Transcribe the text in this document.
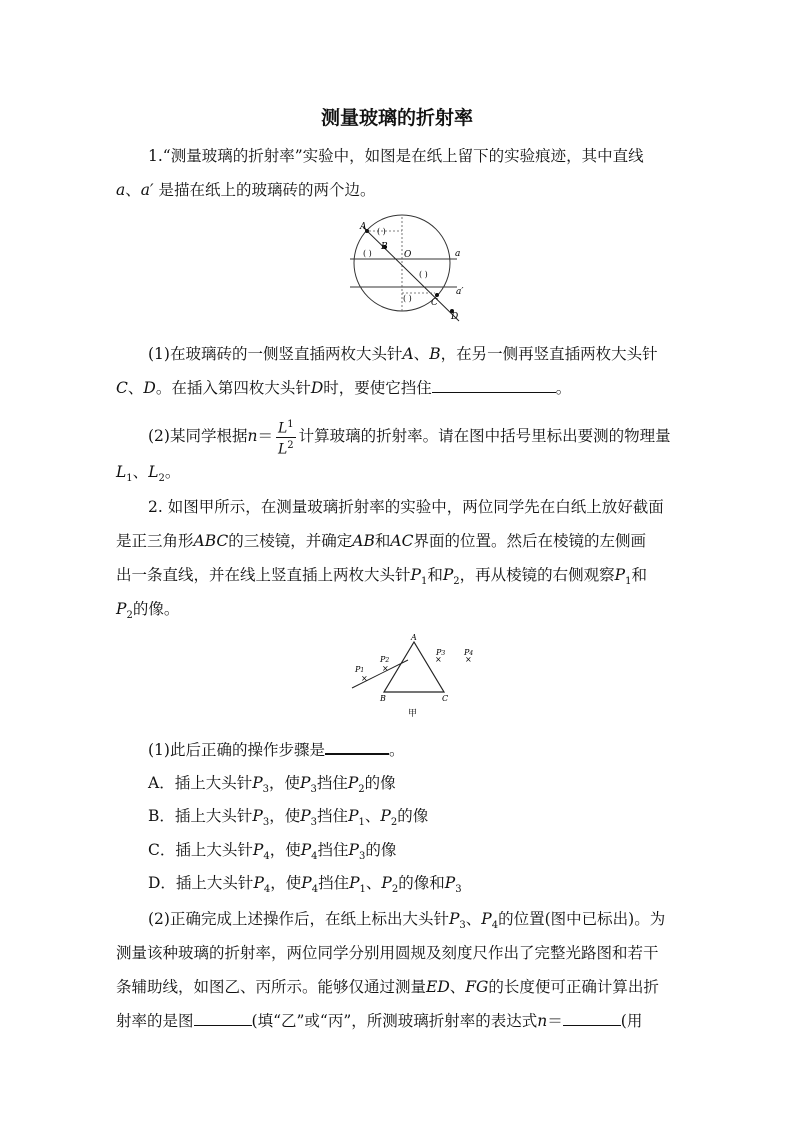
测量玻璃的折射率
1.“测量玻璃的折射率”实验中，如图是在纸上留下的实验痕迹，其中直线
a、a′ 是描在纸上的玻璃砖的两个边。
A
B
O
C
D
a
a′
( )
( )
( )
( )
(1)在玻璃砖的一侧竖直插两枚大头针A、B，在另一侧再竖直插两枚大头针
C、D。在插入第四枚大头针D时，要使它挡住	。
(2)某同学根据$n= \frac{L^1}{L^2}$ 计算玻璃的折射率。请在图中括号里标出要测的物理量
$L_1$、$L_2$。
2. 如图甲所示，在测量玻璃折射率的实验中，两位同学先在白纸上放好截面
是正三角形ABC的三棱镜，并确定AB和AC界面的位置。然后在棱镜的左侧画
出一条直线，并在线上竖直插上两枚大头针$P_1$和$P_2$，再从棱镜的右侧观察$P_1$和
$P_2$的像。
×
×
×	×
P1
P2
P3 P4
A
B	C
甲
(1)此后正确的操作步骤是	。
A．插上大头针$P_3$，使$P_3$挡住$P_2$的像
B．插上大头针$P_3$，使$P_3$挡住$P_1$、$P_2$的像
C．插上大头针$P_4$，使$P_4$挡住$P_3$的像
D．插上大头针$P_4$，使$P_4$挡住$P_1$、$P_2$的像和$P_3$
(2)正确完成上述操作后，在纸上标出大头针$P_3$、$P_4$的位置(图中已标出)。为
测量该种玻璃的折射率，两位同学分别用圆规及刻度尺作出了完整光路图和若干
条辅助线，如图乙、丙所示。能够仅通过测量ED、FG的长度便可正确计算出折
射率的是图	(填“乙”或“丙”，所测玻璃折射率的表达式n＝	(用
